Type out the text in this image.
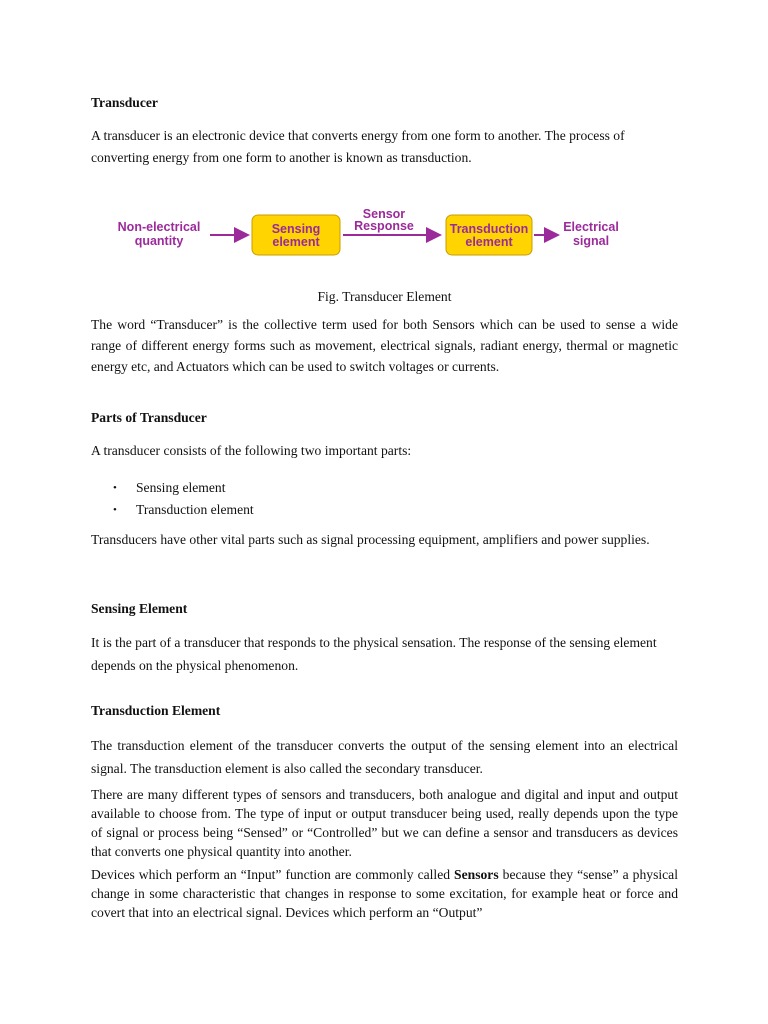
Transducer

A transducer is an electronic device that converts energy from one form to another. The process of converting energy from one form to another is known as transduction.

Non-electrical
quantity
Sensing
element
Sensor
Response	Transduction
element
Electrical
signal

Fig. Transducer Element

The word “Transducer” is the collective term used for both Sensors which can be used to sense a wide range of different energy forms such as movement, electrical signals, radiant energy, thermal or magnetic energy etc, and Actuators which can be used to switch voltages or currents.

Parts of Transducer

A transducer consists of the following two important parts:

• Sensing element
• Transduction element

Transducers have other vital parts such as signal processing equipment, amplifiers and power supplies.

Sensing Element

It is the part of a transducer that responds to the physical sensation. The response of the sensing element depends on the physical phenomenon.

Transduction Element

The transduction element of the transducer converts the output of the sensing element into an electrical signal. The transduction element is also called the secondary transducer.

There are many different types of sensors and transducers, both analogue and digital and input and output available to choose from. The type of input or output transducer being used, really depends upon the type of signal or process being “Sensed” or “Controlled” but we can define a sensor and transducers as devices that converts one physical quantity into another.

Devices which perform an “Input” function are commonly called Sensors because they “sense” a physical change in some characteristic that changes in response to some excitation, for example heat or force and covert that into an electrical signal. Devices which perform an “Output”
